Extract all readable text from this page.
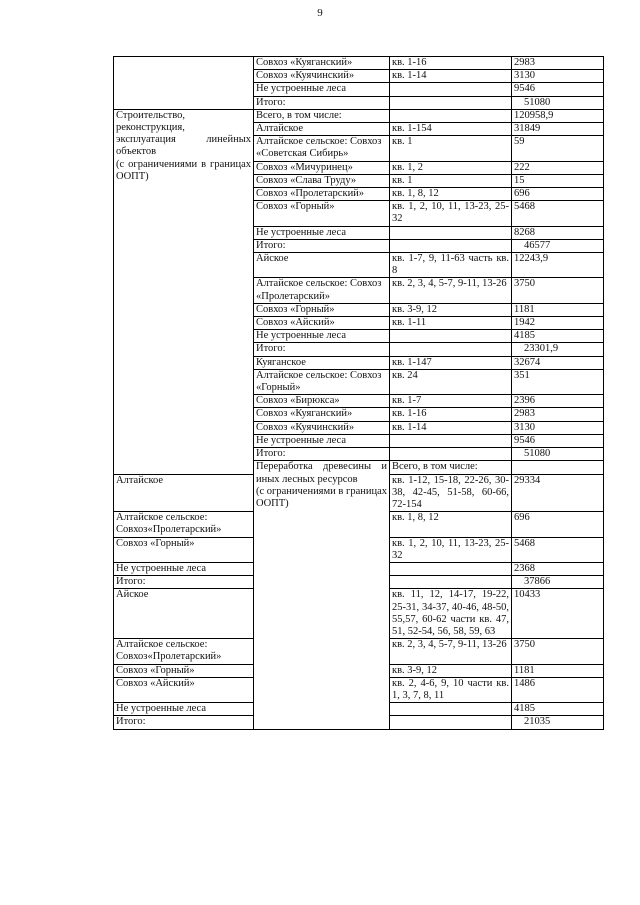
9
	Совхоз «Куяганский»	кв. 1-16	2983	
	Совхоз «Куячинский»	кв. 1-14	3130	
	Не устроенные леса		9546	
	Итого:		51080	

Строительство,
реконструкция,
эксплуатация линейных объектов
(с ограничениями в границах ООПТ)	Всего, в том числе:		120958,9	
	Алтайское	кв. 1-154	31849	
	Алтайское сельское: Совхоз «Советская Сибирь»	кв. 1	59	
	Совхоз «Мичуринец»	кв. 1, 2	222	
	Совхоз «Слава Труду»	кв. 1	15	
	Совхоз «Пролетарский»	кв. 1, 8, 12	696	
	Совхоз «Горный»	кв. 1, 2, 10, 11, 13-23, 25-32	5468	
	Не устроенные леса		8268	
	Итого:		46577	
	Айское	кв. 1-7, 9, 11-63 часть кв. 8	12243,9	
	Алтайское сельское: Совхоз «Пролетарский»	кв. 2, 3, 4, 5-7, 9-11, 13-26	3750	
	Совхоз «Горный»	кв. 3-9, 12	1181	
	Совхоз «Айский»	кв. 1-11	1942	
	Не устроенные леса		4185	
	Итого:		23301,9	
	Куяганское	кв. 1-147	32674	
	Алтайское сельское: Совхоз «Горный»	кв. 24	351	
	Совхоз «Бирюкса»	кв. 1-7	2396	
	Совхоз «Куяганский»	кв. 1-16	2983	
	Совхоз «Куячинский»	кв. 1-14	3130	
	Не устроенные леса		9546	
	Итого:		51080	

	Переработка древесины и иных лесных ресурсов
(с ограничениями в границах ООПТ)	Всего, в том числе:		
Алтайское		кв. 1-12, 15-18, 22-26, 30-38, 42-45, 51-58, 60-66, 72-154	29334	
Алтайское сельское: Совхоз«Пролетарский»		кв. 1, 8, 12	696	
Совхоз «Горный»		кв. 1, 2, 10, 11, 13-23, 25-32	5468	
Не устроенные леса			2368	
Итого:			37866	
Айское		кв. 11, 12, 14-17, 19-22, 25-31, 34-37, 40-46, 48-50, 55,57, 60-62 части кв. 47, 51, 52-54, 56, 58, 59, 63	10433	
Алтайское сельское: Совхоз«Пролетарский»		кв. 2, 3, 4, 5-7, 9-11, 13-26	3750	
Совхоз «Горный»		кв. 3-9, 12	1181	
Совхоз «Айский»		кв. 2, 4-6, 9, 10 части кв. 1, 3, 7, 8, 11	1486	
Не устроенные леса			4185	
Итого:			21035	
